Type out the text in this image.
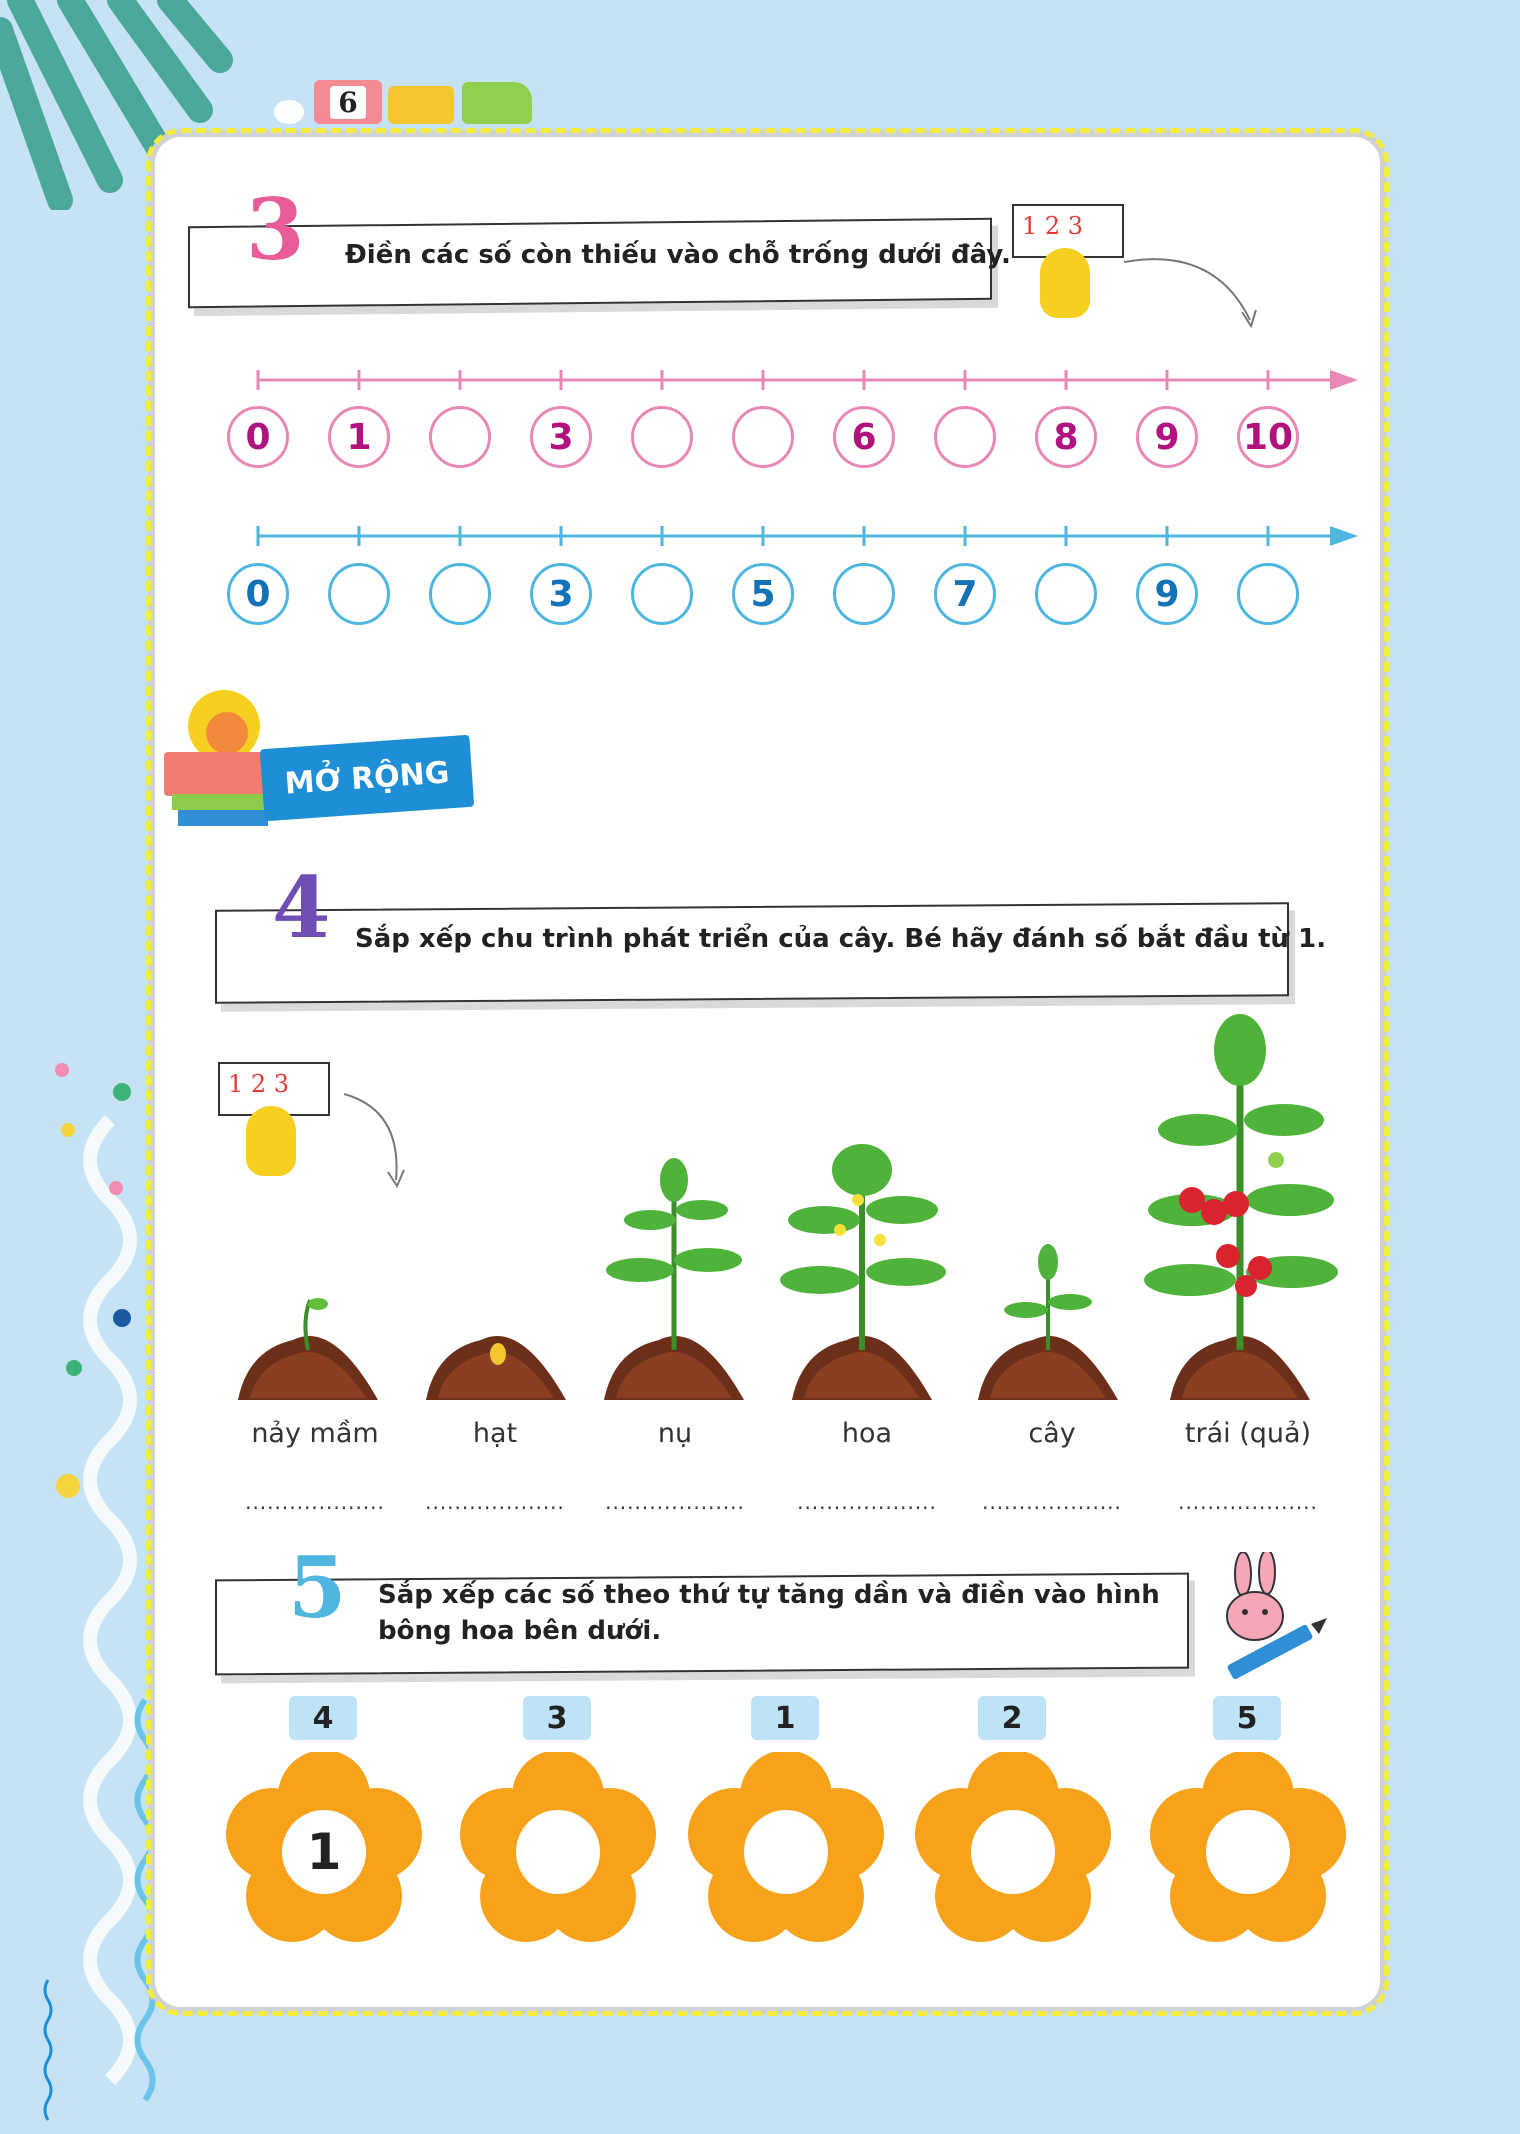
6
3 Điền các số còn thiếu vào chỗ trống dưới đây.
1 2 3
0	1	3	6	8	9	10
0	3	5	7	9
MỞ RỘNG
4 Sắp xếp chu trình phát triển của cây. Bé hãy đánh số bắt đầu từ 1.
1 2 3
nảy mầm	hạt	nụ	hoa	cây	trái (quả)
...................	...................	...................	...................	...................	...................
5 Sắp xếp các số theo thứ tự tăng dần và điền vào hình
bông hoa bên dưới.
4	3	1	2	5
1
